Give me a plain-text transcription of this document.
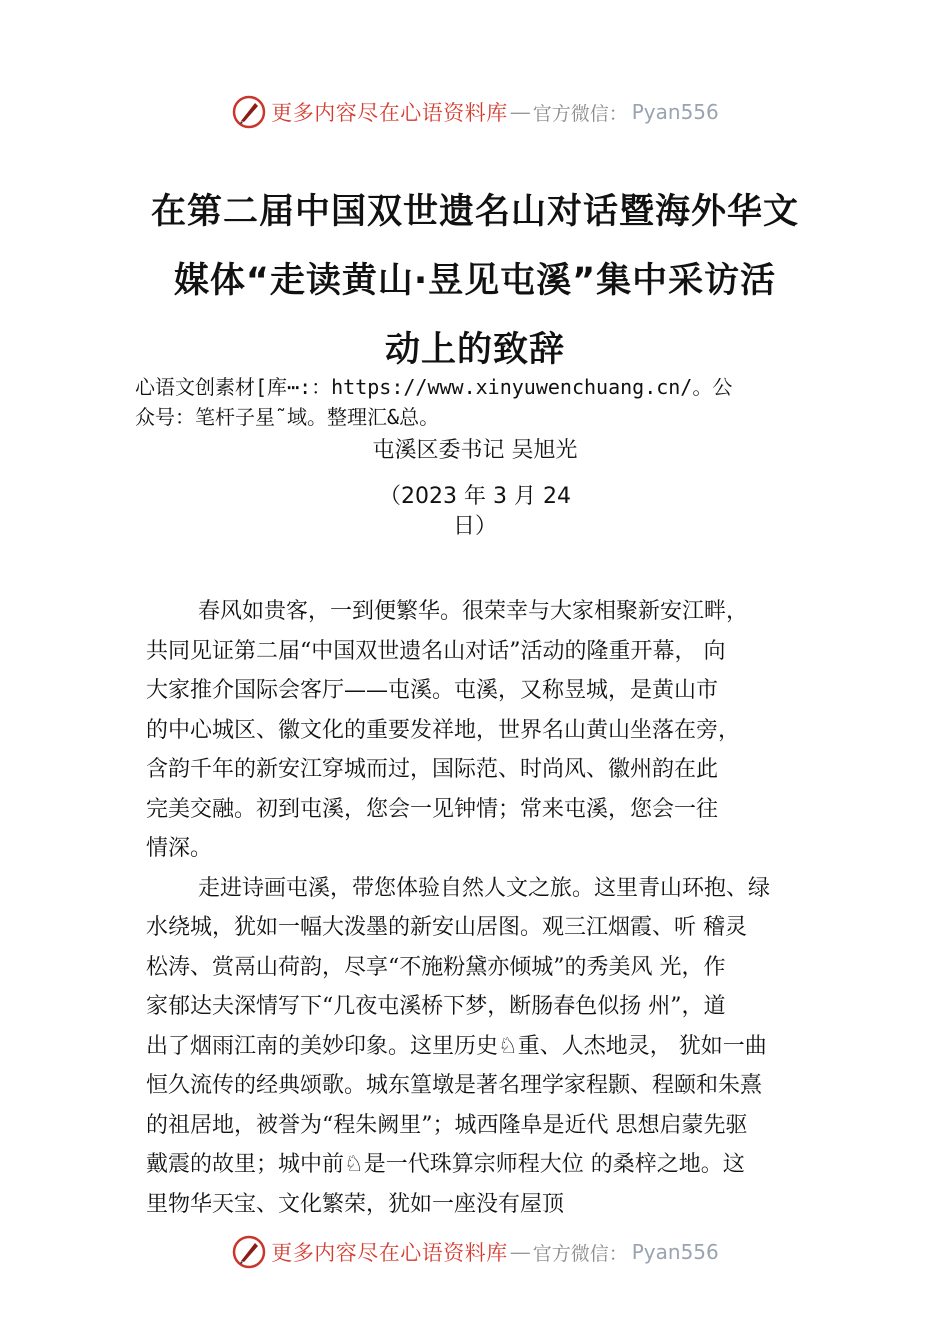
更多内容尽在心语资料库 — 官方微信： Pyan556
在第二届中国双世遗名山对话暨海外华文
媒体“走读黄山·昱见屯溪”集中采访活
动上的致辞
心语文创素材[库⋯:：https://www.xinyuwenchuang.cn/。公
众号：笔杆子星˜域。整理汇&总。
屯溪区委书记 吴旭光
（2023 年 3 月 24
日）
春风如贵客，一到便繁华。很荣幸与大家相聚新安江畔，
共同见证第二届“中国双世遗名山对话”活动的隆重开幕， 向
大家推介国际会客厅——屯溪。屯溪，又称昱城，是黄山市
的中心城区、徽文化的重要发祥地，世界名山黄山坐落在旁，
含韵千年的新安江穿城而过，国际范、时尚风、徽州韵在此
完美交融。初到屯溪，您会一见钟情；常来屯溪，您会一往
情深。
走进诗画屯溪，带您体验自然人文之旅。这里青山环抱、绿
水绕城，犹如一幅大泼墨的新安山居图。观三江烟霞、听 稽灵
松涛、赏鬲山荷韵，尽享“不施粉黛亦倾城”的秀美风 光，作
家郁达夫深情写下“几夜屯溪桥下梦，断肠春色似扬 州”，道
出了烟雨江南的美妙印象。这里历史♘重、人杰地灵， 犹如一曲
恒久流传的经典颂歌。城东篁墩是著名理学家程颢、程颐和朱熹
的祖居地，被誉为“程朱阙里”；城西隆阜是近代 思想启蒙先驱
戴震的故里；城中前♘是一代珠算宗师程大位 的桑梓之地。这
里物华天宝、文化繁荣，犹如一座没有屋顶
更多内容尽在心语资料库 — 官方微信： Pyan556
